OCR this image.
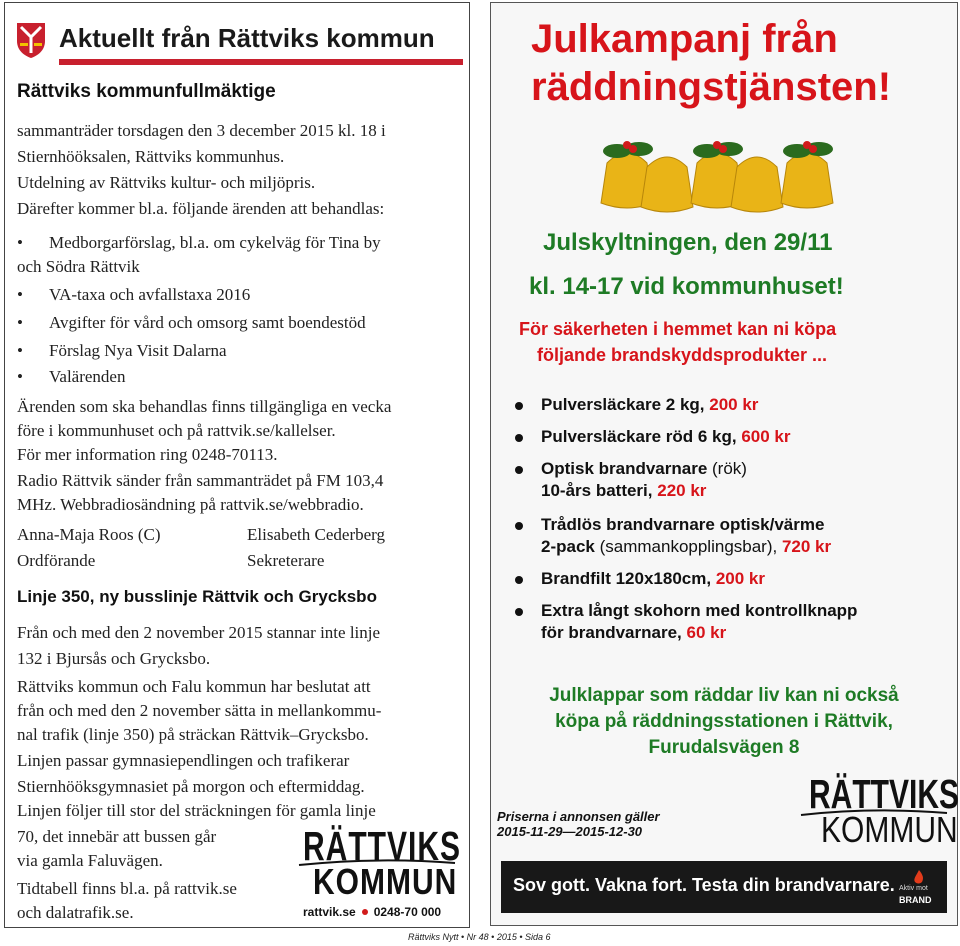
Aktuellt från Rättviks kommun
Rättviks kommunfullmäktige
sammanträder torsdagen den 3 december 2015 kl. 18 i
Stiernhööksalen, Rättviks kommunhus.
Utdelning av Rättviks kultur- och miljöpris.
Därefter kommer bl.a. följande ärenden att behandlas:
• Medborgarförslag, bl.a. om cykelväg för Tina by
och Södra Rättvik
• VA-taxa och avfallstaxa 2016
• Avgifter för vård och omsorg samt boendestöd
• Förslag Nya Visit Dalarna
• Valärenden
Ärenden som ska behandlas finns tillgängliga en vecka
före i kommunhuset och på rattvik.se/kallelser.
För mer information ring 0248-70113.
Radio Rättvik sänder från sammanträdet på FM 103,4
MHz. Webbradiosändning på rattvik.se/webbradio.
Anna-Maja Roos (C)
Ordförande
Elisabeth Cederberg
Sekreterare
Linje 350, ny busslinje Rättvik och Grycksbo
Från och med den 2 november 2015 stannar inte linje
132 i Bjursås och Grycksbo.
Rättviks kommun och Falu kommun har beslutat att
från och med den 2 november sätta in mellankommu-
nal trafik (linje 350) på sträckan Rättvik–Grycksbo.
Linjen passar gymnasiependlingen och trafikerar
Stiernhööksgymnasiet på morgon och eftermiddag.
Linjen följer till stor del sträckningen för gamla linje
70, det innebär att bussen går
via gamla Faluvägen.
Tidtabell finns bl.a. på rattvik.se
och dalatrafik.se.
RÄTTVIKS
KOMMUN
rattvik.se 0248-70 000
Julkampanj från
räddningstjänsten!
Julskyltningen, den 29/11
kl. 14-17 vid kommunhuset!
För säkerheten i hemmet kan ni köpa
följande brandskyddsprodukter ...
Pulversläckare 2 kg, 200 kr
Pulversläckare röd 6 kg, 600 kr
Optisk brandvarnare (rök)
10-års batteri, 220 kr
Trådlös brandvarnare optisk/värme
2-pack (sammankopplingsbar), 720 kr
Brandfilt 120x180cm, 200 kr
Extra långt skohorn med kontrollknapp
för brandvarnare, 60 kr
Julklappar som räddar liv kan ni också
köpa på räddningsstationen i Rättvik,
Furudalsvägen 8
RÄTTVIKS
KOMMUN
Priserna i annonsen gäller
2015-11-29—2015-12-30
Sov gott. Vakna fort. Testa din brandvarnare. Aktiv mot
BRAND
Rättviks Nytt • Nr 48 • 2015 • Sida 6
